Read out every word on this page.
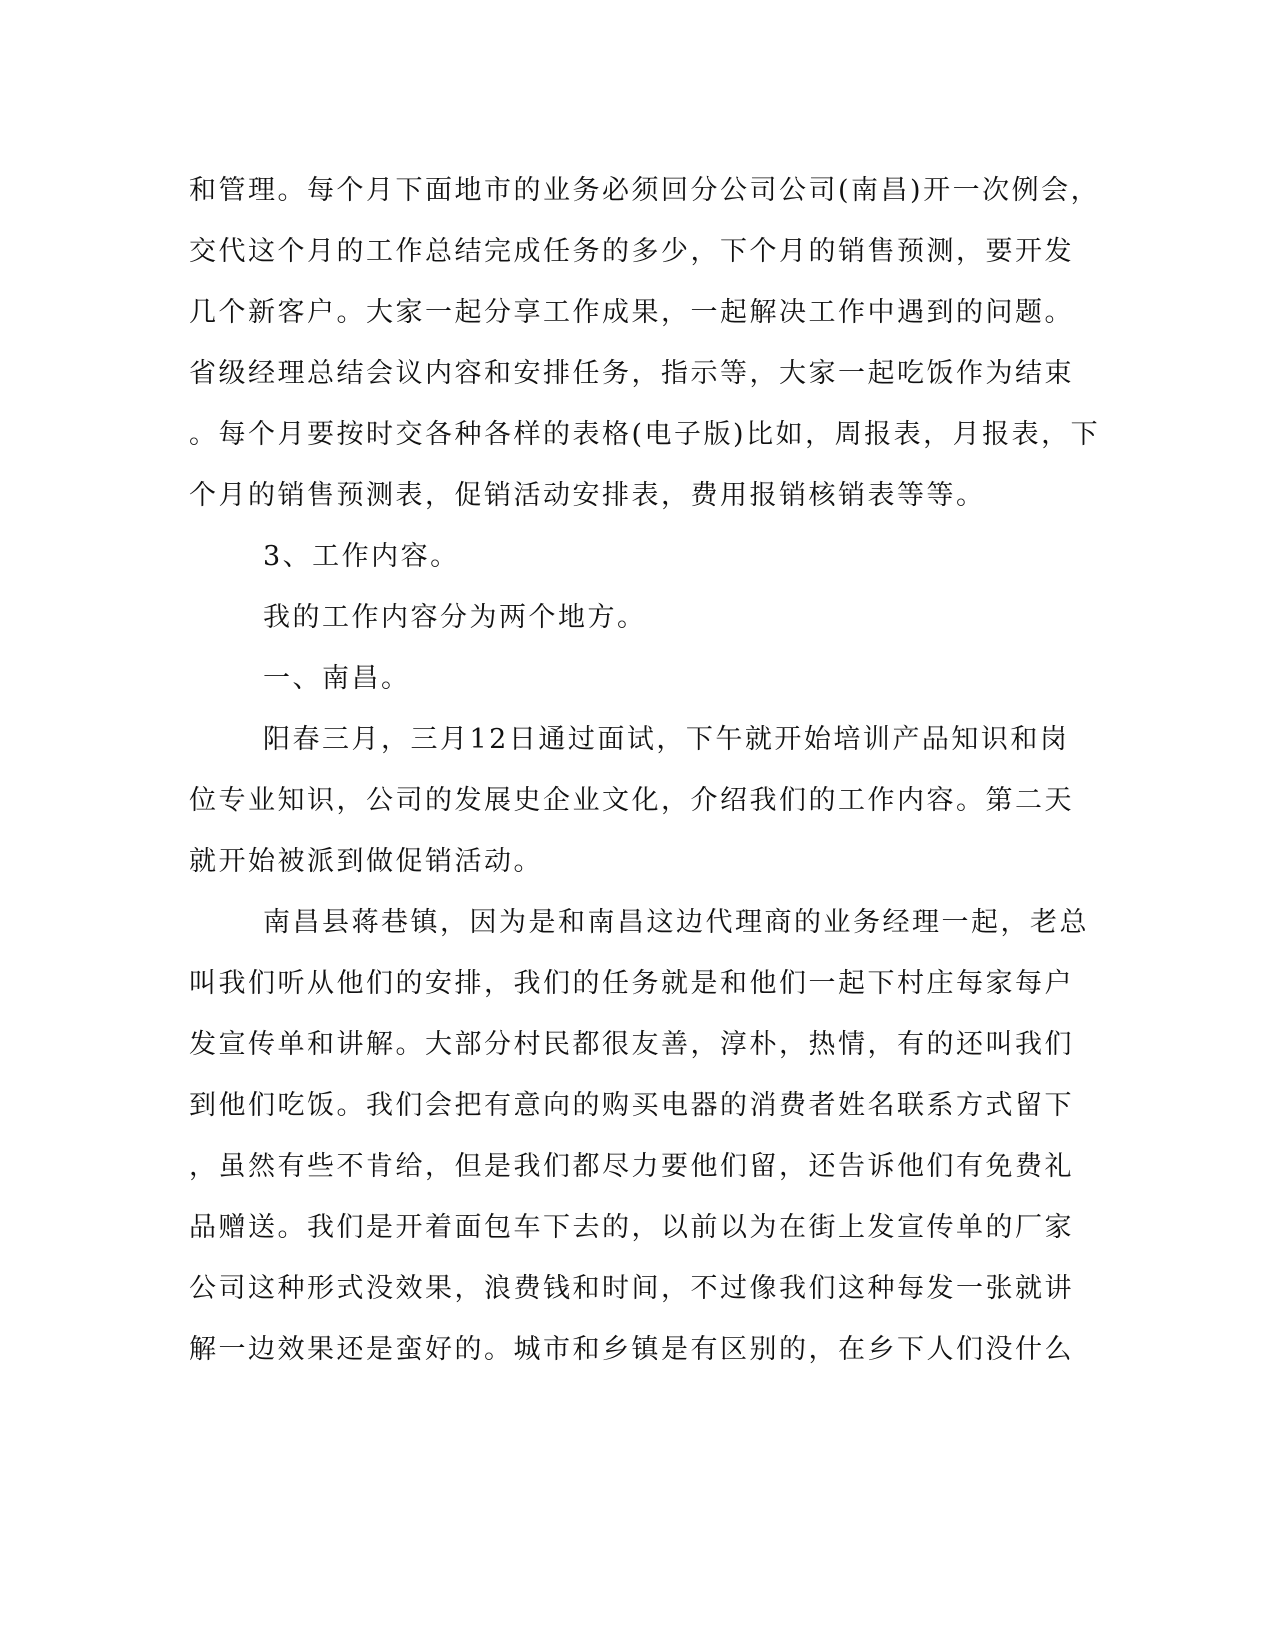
和管理。每个月下面地市的业务必须回分公司公司(南昌)开一次例会，
交代这个月的工作总结完成任务的多少，下个月的销售预测，要开发
几个新客户。大家一起分享工作成果，一起解决工作中遇到的问题。
省级经理总结会议内容和安排任务，指示等，大家一起吃饭作为结束
。每个月要按时交各种各样的表格(电子版)比如，周报表，月报表，下
个月的销售预测表，促销活动安排表，费用报销核销表等等。
3、工作内容。
我的工作内容分为两个地方。
一、南昌。
阳春三月，三月12日通过面试，下午就开始培训产品知识和岗
位专业知识，公司的发展史企业文化，介绍我们的工作内容。第二天
就开始被派到做促销活动。
南昌县蒋巷镇，因为是和南昌这边代理商的业务经理一起，老总
叫我们听从他们的安排，我们的任务就是和他们一起下村庄每家每户
发宣传单和讲解。大部分村民都很友善，淳朴，热情，有的还叫我们
到他们吃饭。我们会把有意向的购买电器的消费者姓名联系方式留下
，虽然有些不肯给，但是我们都尽力要他们留，还告诉他们有免费礼
品赠送。我们是开着面包车下去的，以前以为在街上发宣传单的厂家
公司这种形式没效果，浪费钱和时间，不过像我们这种每发一张就讲
解一边效果还是蛮好的。城市和乡镇是有区别的，在乡下人们没什么
